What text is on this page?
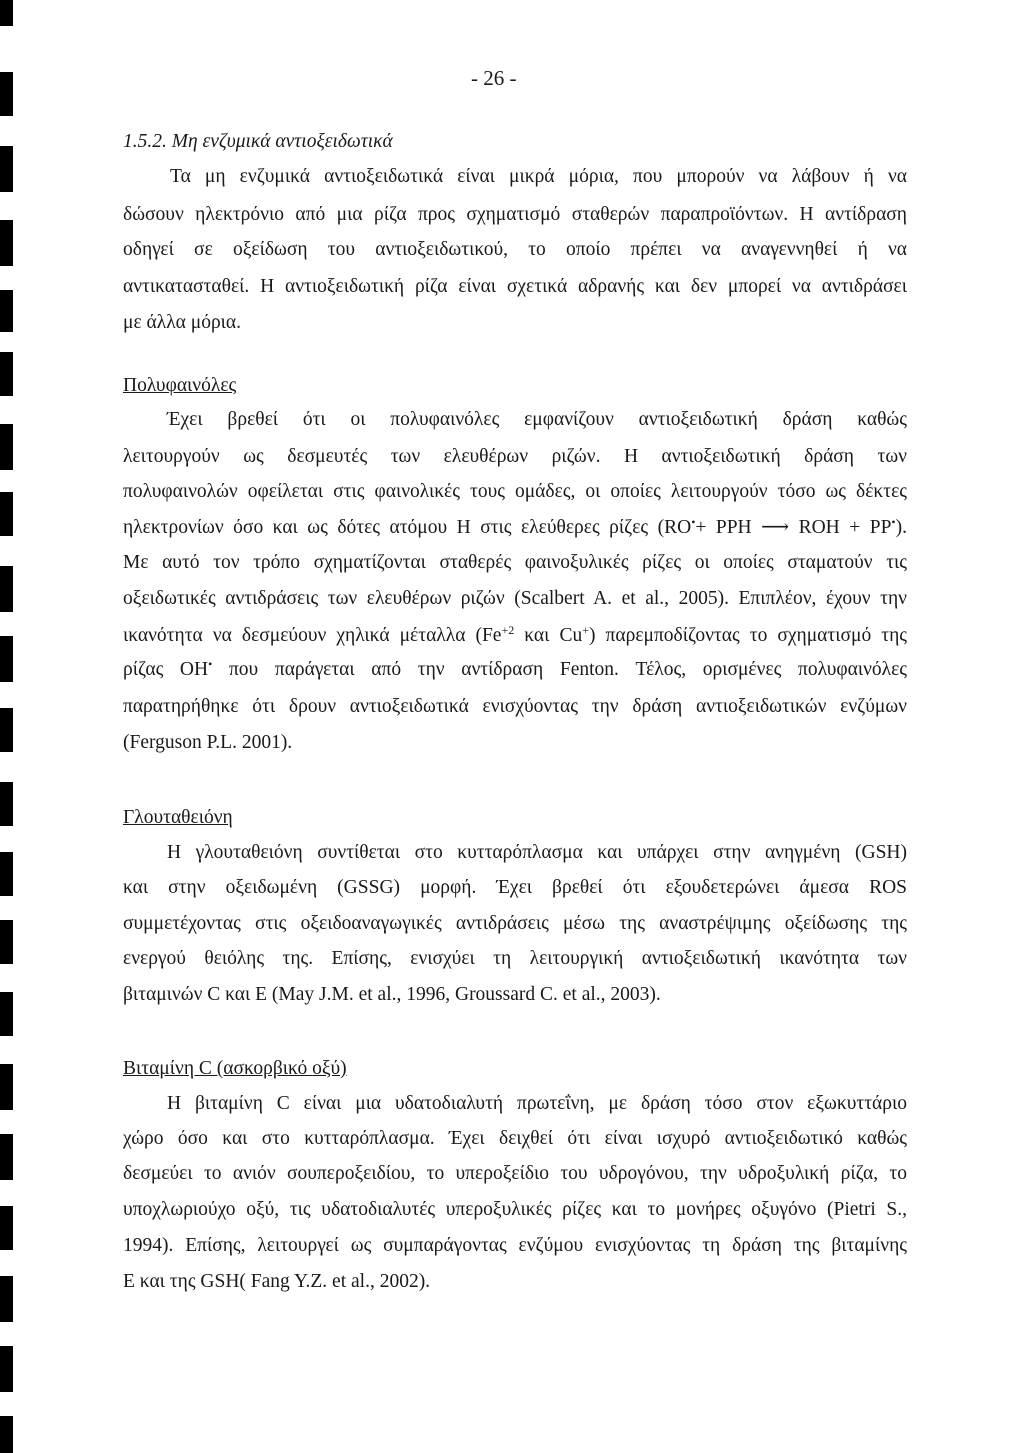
- 26 -
1.5.2. Μη ενζυμικά αντιοξειδωτικά
Τα μη ενζυμικά αντιοξειδωτικά είναι μικρά μόρια, που μπορούν να λάβουν ή να
δώσουν ηλεκτρόνιο από μια ρίζα προς σχηματισμό σταθερών παραπροϊόντων. Η αντίδραση
οδηγεί σε οξείδωση του αντιοξειδωτικού, το οποίο πρέπει να αναγεννηθεί ή να
αντικατασταθεί. Η αντιοξειδωτική ρίζα είναι σχετικά αδρανής και δεν μπορεί να αντιδράσει
με άλλα μόρια.
Πολυφαινόλες
Έχει βρεθεί ότι οι πολυφαινόλες εμφανίζουν αντιοξειδωτική δράση καθώς
λειτουργούν ως δεσμευτές των ελευθέρων ριζών. Η αντιοξειδωτική δράση των
πολυφαινολών οφείλεται στις φαινολικές τους ομάδες, οι οποίες λειτουργούν τόσο ως δέκτες
ηλεκτρονίων όσο και ως δότες ατόμου Η στις ελεύθερες ρίζες (RO•+ PPH ⟶ ROH + PP•).
Με αυτό τον τρόπο σχηματίζονται σταθερές φαινοξυλικές ρίζες οι οποίες σταματούν τις
οξειδωτικές αντιδράσεις των ελευθέρων ριζών (Scalbert A. et al., 2005). Επιπλέον, έχουν την
ικανότητα να δεσμεύουν χηλικά μέταλλα ($Fe^{+2}$ και Cu+) παρεμποδίζοντας το σχηματισμό της
ρίζας OH• που παράγεται από την αντίδραση Fenton. Τέλος, ορισμένες πολυφαινόλες
παρατηρήθηκε ότι δρουν αντιοξειδωτικά ενισχύοντας την δράση αντιοξειδωτικών ενζύμων
(Ferguson P.L. 2001).
Γλουταθειόνη
Η γλουταθειόνη συντίθεται στο κυτταρόπλασμα και υπάρχει στην ανηγμένη (GSH)
και στην οξειδωμένη (GSSG) μορφή. Έχει βρεθεί ότι εξουδετερώνει άμεσα ROS
συμμετέχοντας στις οξειδοαναγωγικές αντιδράσεις μέσω της αναστρέψιμης οξείδωσης της
ενεργού θειόλης της. Επίσης, ενισχύει τη λειτουργική αντιοξειδωτική ικανότητα των
βιταμινών C και E (May J.M. et al., 1996, Groussard C. et al., 2003).
Βιταμίνη C (ασκορβικό οξύ)
Η βιταμίνη C είναι μια υδατοδιαλυτή πρωτεΐνη, με δράση τόσο στον εξωκυττάριο
χώρο όσο και στο κυτταρόπλασμα. Έχει δειχθεί ότι είναι ισχυρό αντιοξειδωτικό καθώς
δεσμεύει το ανιόν σουπεροξειδίου, το υπεροξείδιο του υδρογόνου, την υδροξυλική ρίζα, το
υποχλωριούχο οξύ, τις υδατοδιαλυτές υπεροξυλικές ρίζες και το μονήρες οξυγόνο (Pietri S.,
1994). Επίσης, λειτουργεί ως συμπαράγοντας ενζύμου ενισχύοντας τη δράση της βιταμίνης
E και της GSH( Fang Y.Z. et al., 2002).
